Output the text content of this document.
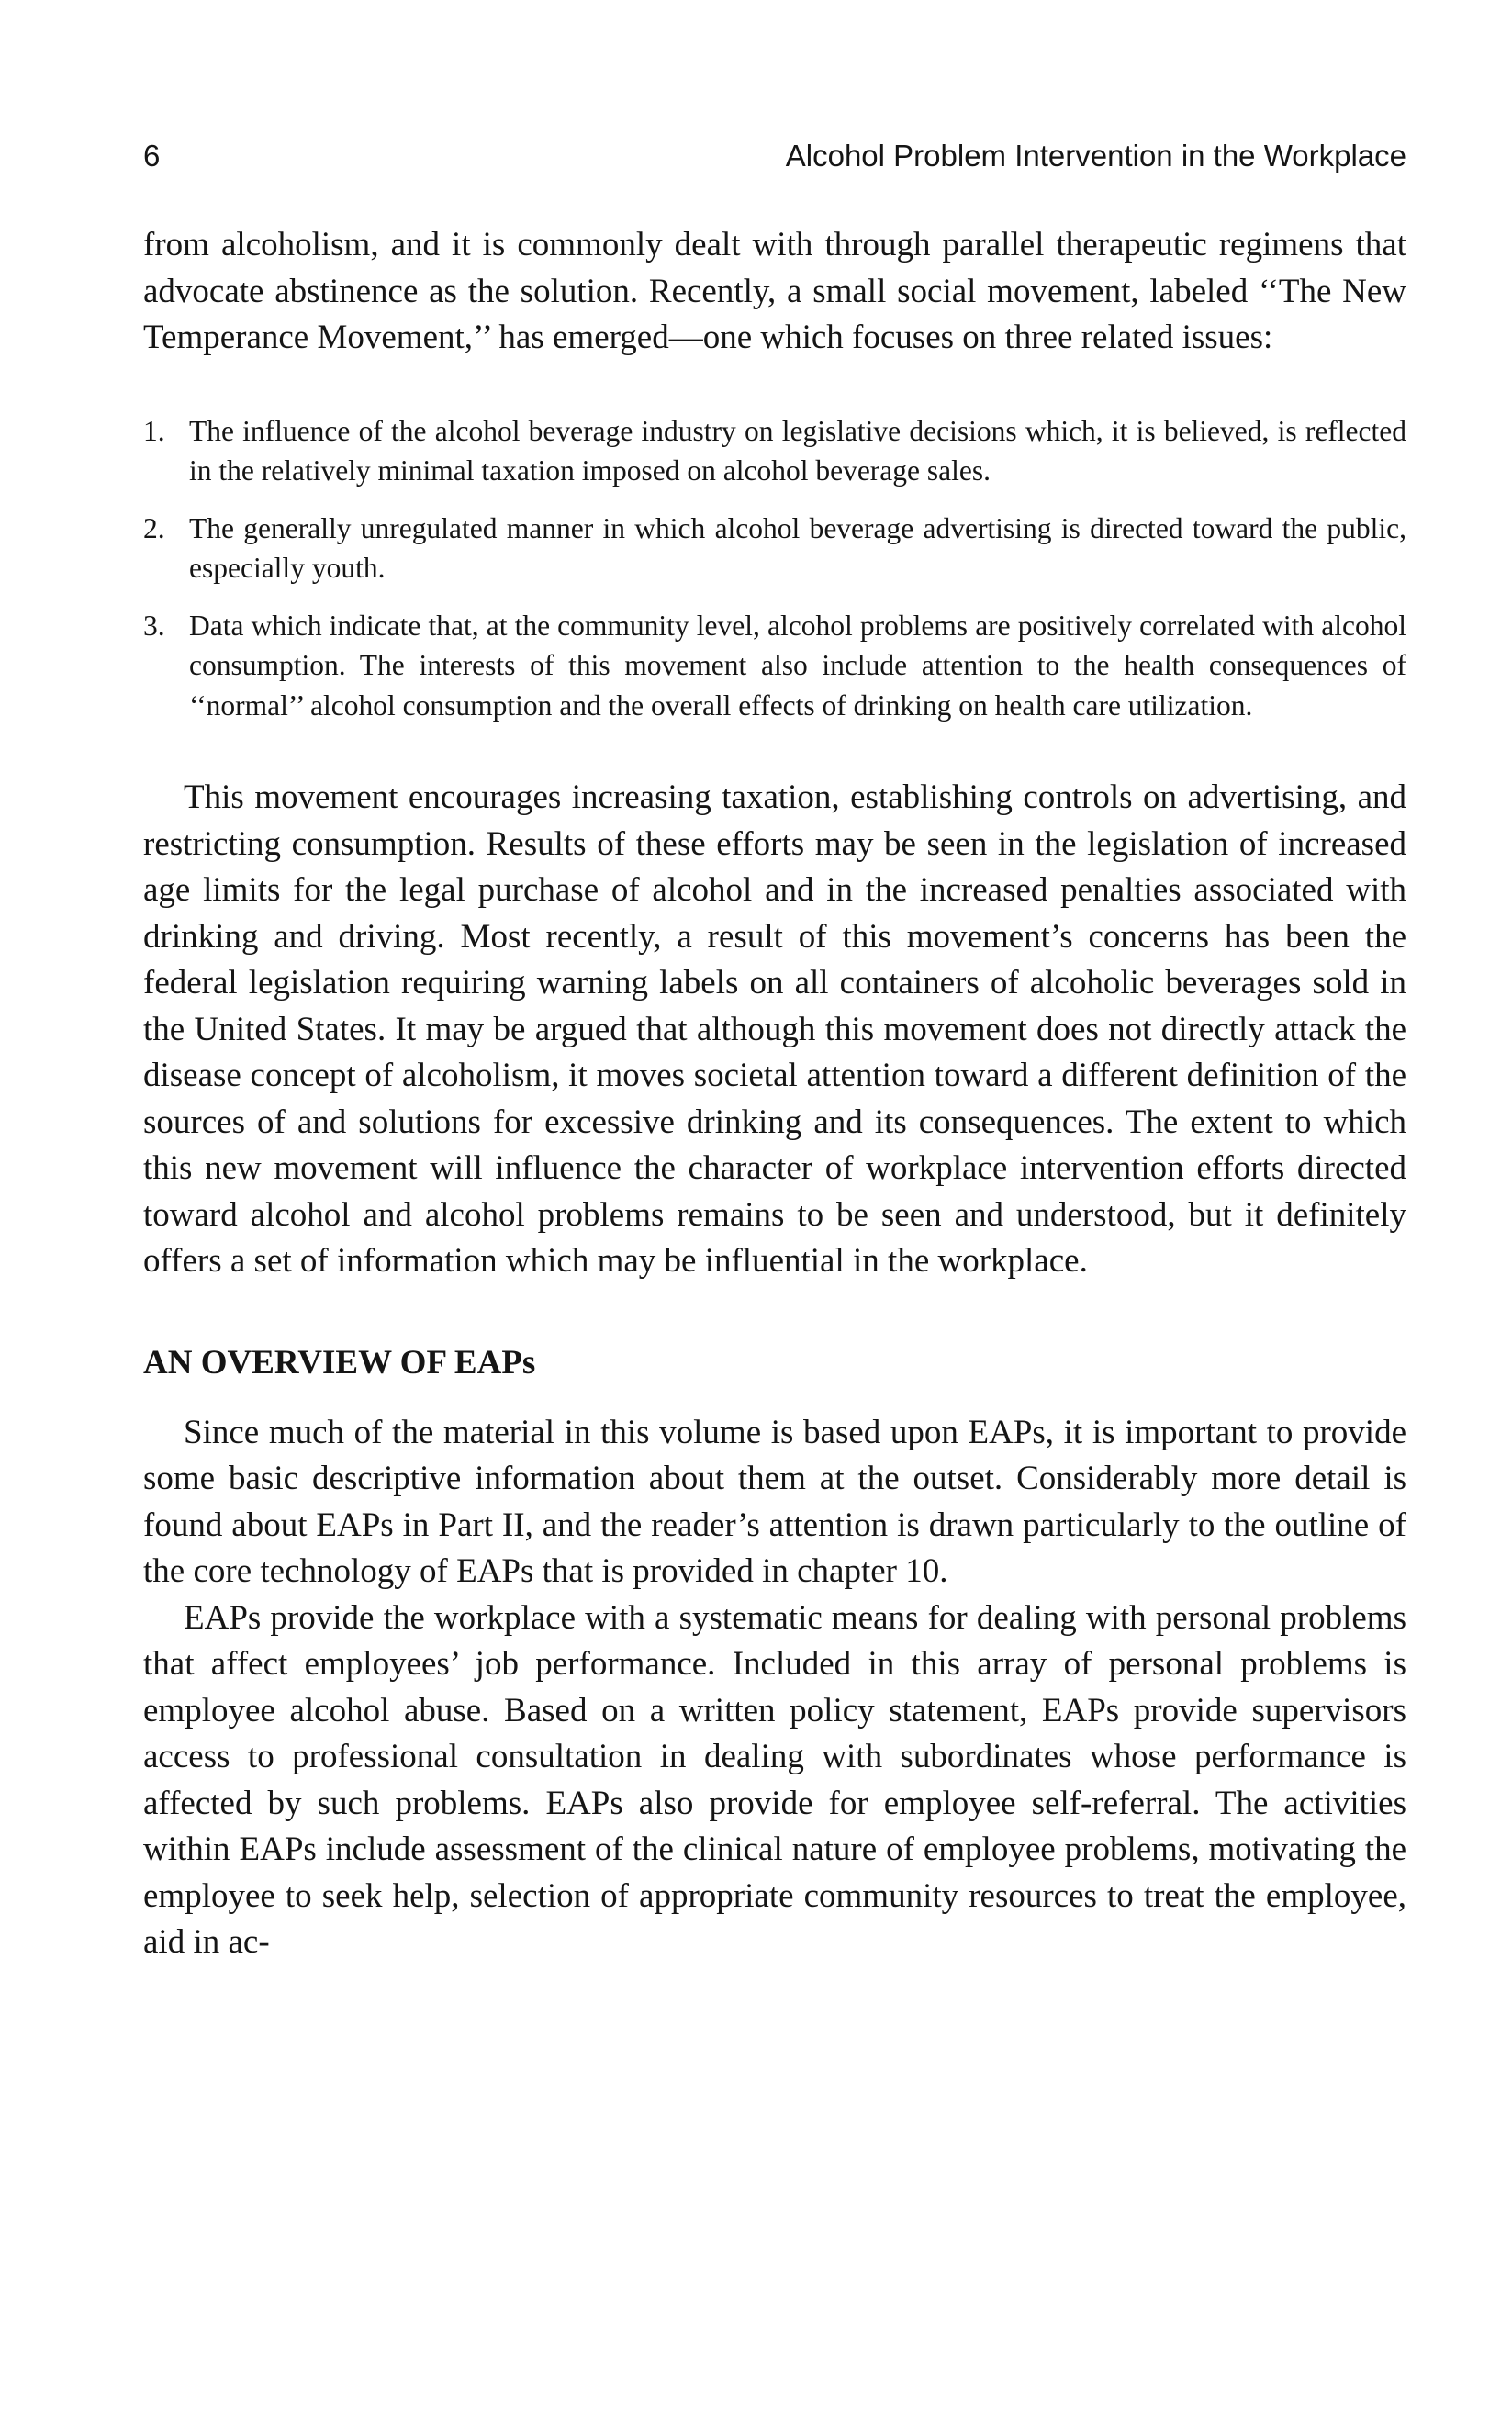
6	Alcohol Problem Intervention in the Workplace

from alcoholism, and it is commonly dealt with through parallel therapeutic regimens that advocate abstinence as the solution. Recently, a small social movement, labeled ‘‘The New Temperance Movement,’’ has emerged—one which focuses on three related issues:

1. The influence of the alcohol beverage industry on legislative decisions which, it is believed, is reflected in the relatively minimal taxation imposed on alcohol beverage sales.
2. The generally unregulated manner in which alcohol beverage advertising is directed toward the public, especially youth.
3. Data which indicate that, at the community level, alcohol problems are positively correlated with alcohol consumption. The interests of this movement also include attention to the health consequences of ‘‘normal’’ alcohol consumption and the overall effects of drinking on health care utilization.

This movement encourages increasing taxation, establishing controls on advertising, and restricting consumption. Results of these efforts may be seen in the legislation of increased age limits for the legal purchase of alcohol and in the increased penalties associated with drinking and driving. Most recently, a result of this movement’s concerns has been the federal legislation requiring warning labels on all containers of alcoholic beverages sold in the United States. It may be argued that although this movement does not directly attack the disease concept of alcoholism, it moves societal attention toward a different definition of the sources of and solutions for excessive drinking and its consequences. The extent to which this new movement will influence the character of workplace intervention efforts directed toward alcohol and alcohol problems remains to be seen and understood, but it definitely offers a set of information which may be influential in the workplace.

AN OVERVIEW OF EAPs

Since much of the material in this volume is based upon EAPs, it is important to provide some basic descriptive information about them at the outset. Considerably more detail is found about EAPs in Part II, and the reader’s attention is drawn particularly to the outline of the core technology of EAPs that is provided in chapter 10.

EAPs provide the workplace with a systematic means for dealing with personal problems that affect employees’ job performance. Included in this array of personal problems is employee alcohol abuse. Based on a written policy statement, EAPs provide supervisors access to professional consultation in dealing with subordinates whose performance is affected by such problems. EAPs also provide for employee self-referral. The activities within EAPs include assessment of the clinical nature of employee problems, motivating the employee to seek help, selection of appropriate community resources to treat the employee, aid in ac-
